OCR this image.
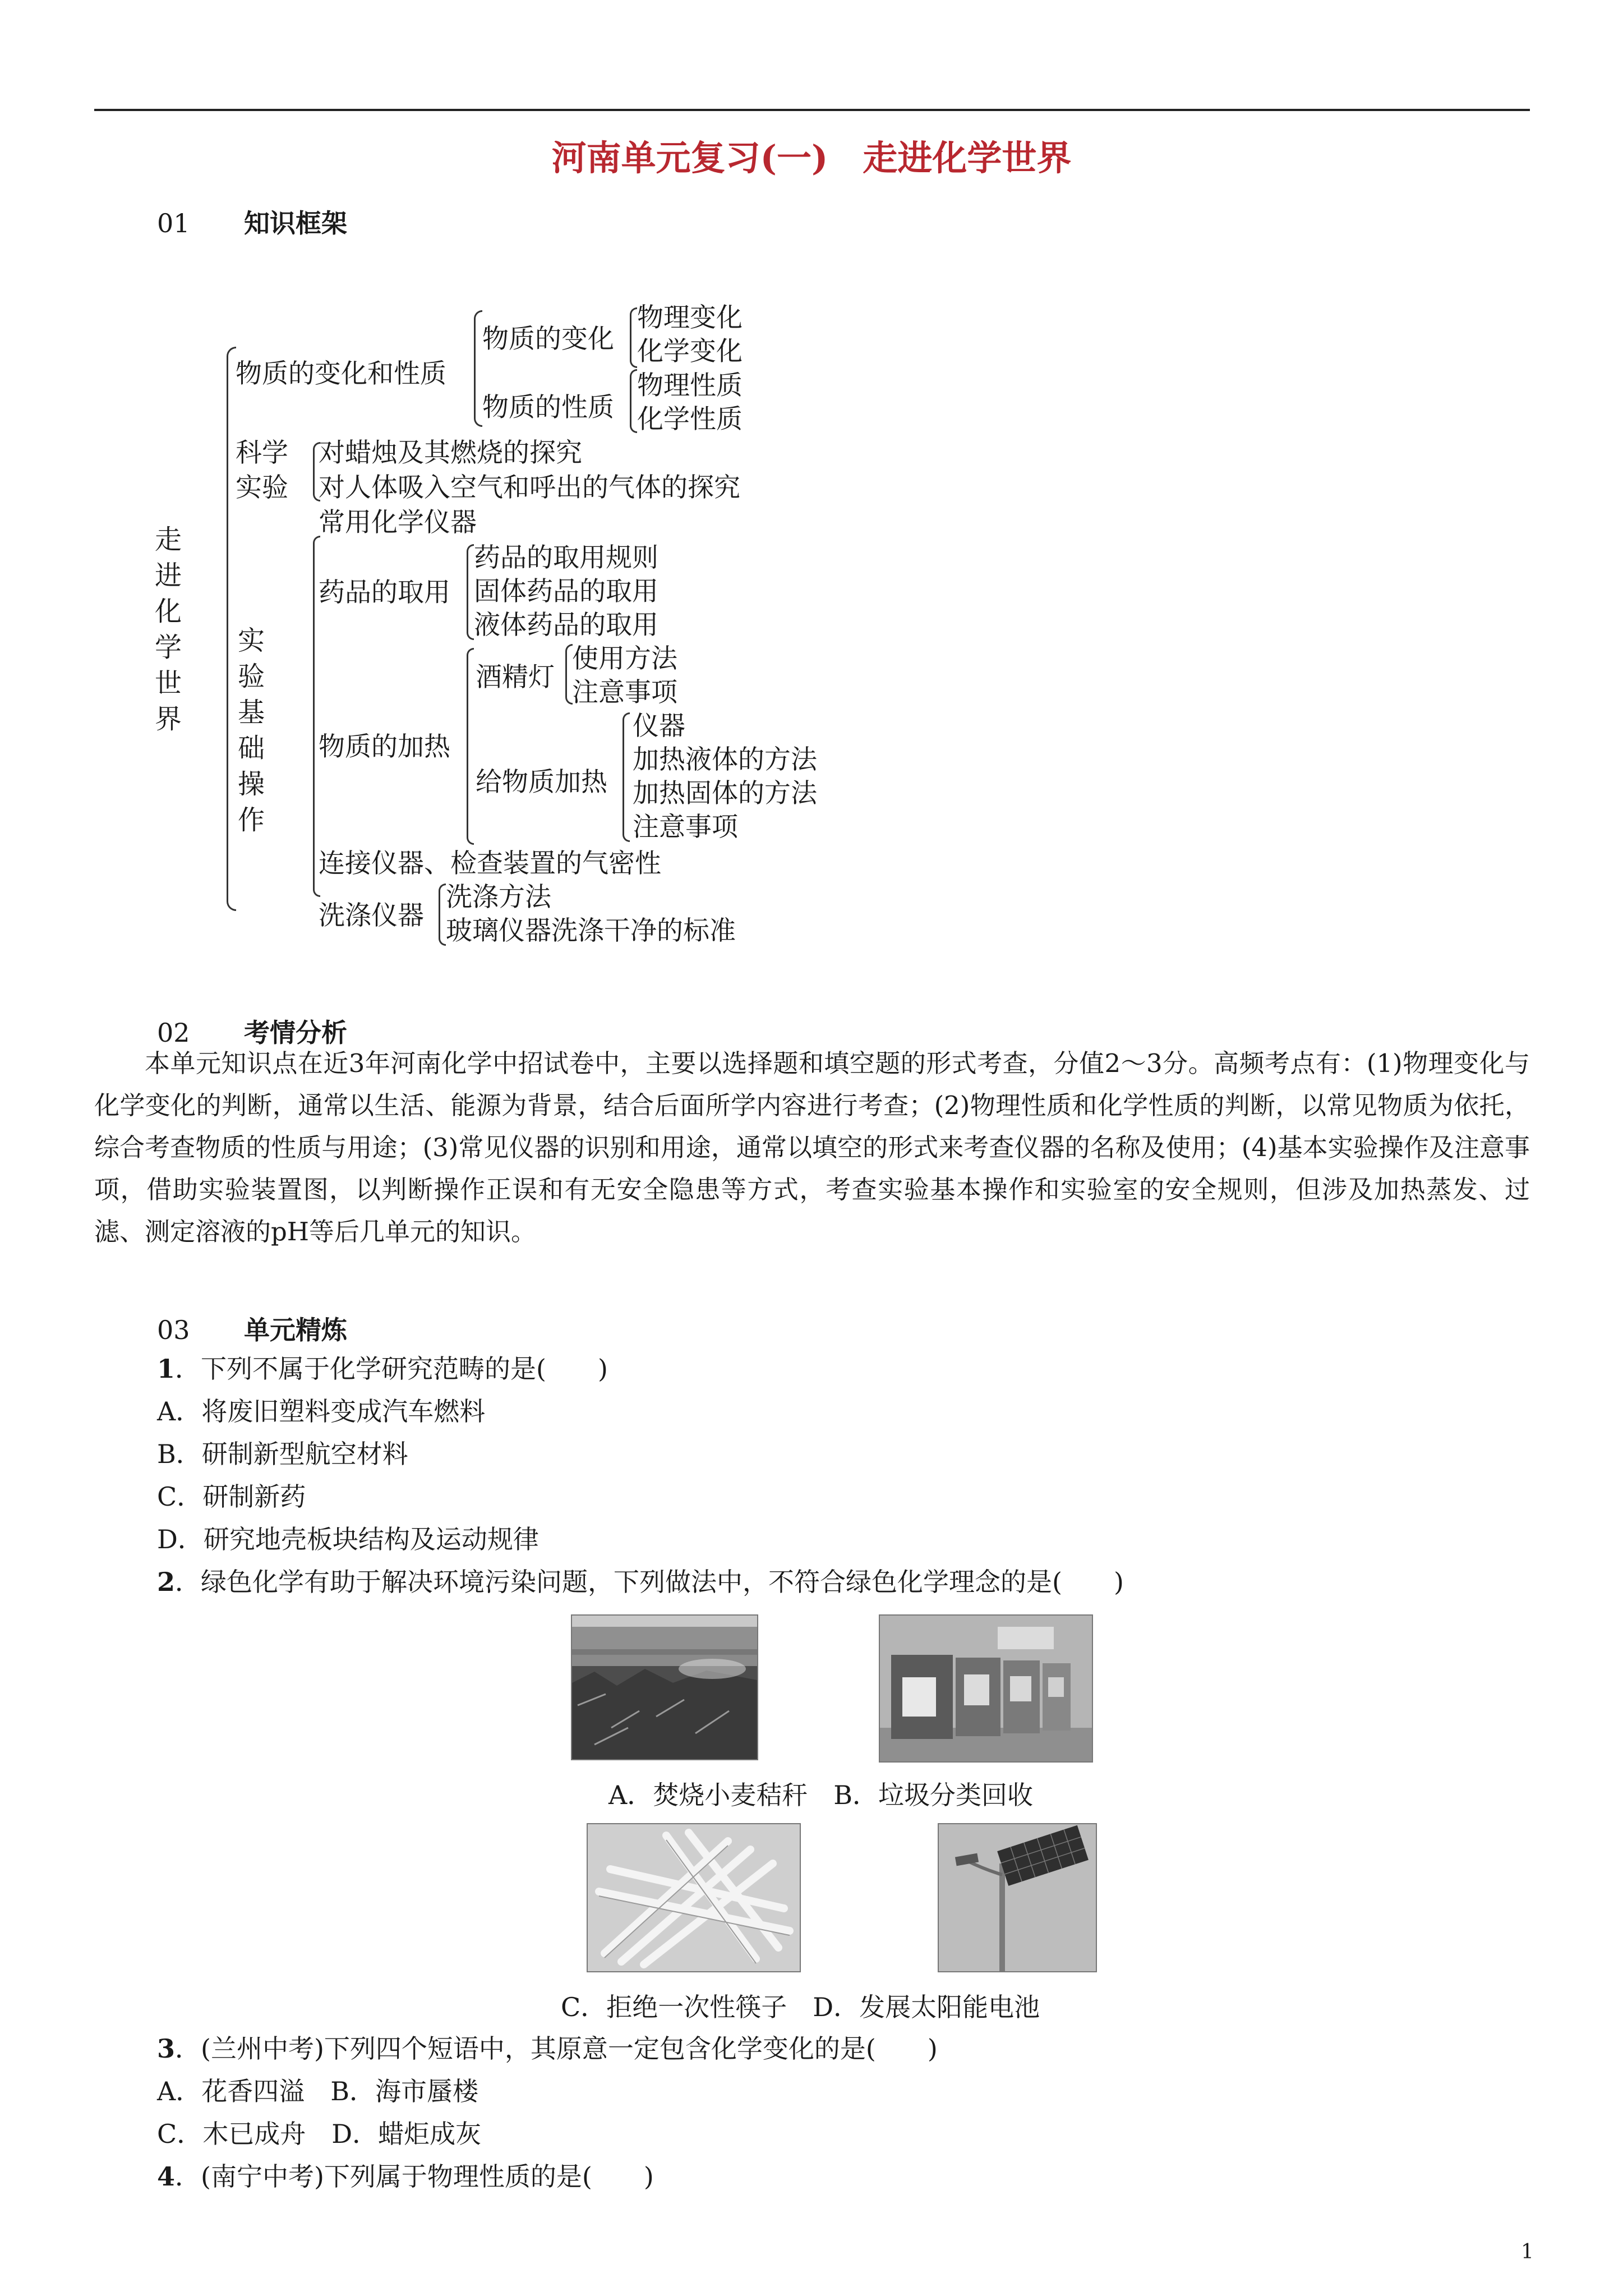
河南单元复习(一)　走进化学世界
01 知识框架
走
进
化
学
世
界
物质的变化和性质
物质的变化
物理变化
化学变化
物质的性质
物理性质
化学性质
科学
实验
对蜡烛及其燃烧的探究
对人体吸入空气和呼出的气体的探究
实
验
基
础
操
作
常用化学仪器
药品的取用
药品的取用规则
固体药品的取用
液体药品的取用
物质的加热
酒精灯
使用方法
注意事项
给物质加热
仪器
加热液体的方法
加热固体的方法
注意事项
连接仪器、检查装置的气密性
洗涤仪器
洗涤方法
玻璃仪器洗涤干净的标准
02 考情分析
本单元知识点在近3年河南化学中招试卷中，主要以选择题和填空题的形式考查，分值2～3分。高频考点有：(1)物理变化与化学变化的判断，通常以生活、能源为背景，结合后面所学内容进行考查；(2)物理性质和化学性质的判断，以常见物质为依托，综合考查物质的性质与用途；(3)常见仪器的识别和用途，通常以填空的形式来考查仪器的名称及使用；(4)基本实验操作及注意事项，借助实验装置图，以判断操作正误和有无安全隐患等方式，考查实验基本操作和实验室的安全规则，但涉及加热蒸发、过滤、测定溶液的pH等后几单元的知识。
03 单元精炼
1．下列不属于化学研究范畴的是(　　)
A．将废旧塑料变成汽车燃料
B．研制新型航空材料
C．研制新药
D．研究地壳板块结构及运动规律
2．绿色化学有助于解决环境污染问题，下列做法中，不符合绿色化学理念的是(　　)
A．焚烧小麦秸秆　B．垃圾分类回收
C．拒绝一次性筷子　D．发展太阳能电池
3．(兰州中考)下列四个短语中，其原意一定包含化学变化的是(　　)
A．花香四溢　B．海市蜃楼
C．木已成舟　D．蜡炬成灰
4．(南宁中考)下列属于物理性质的是(　　)
1
